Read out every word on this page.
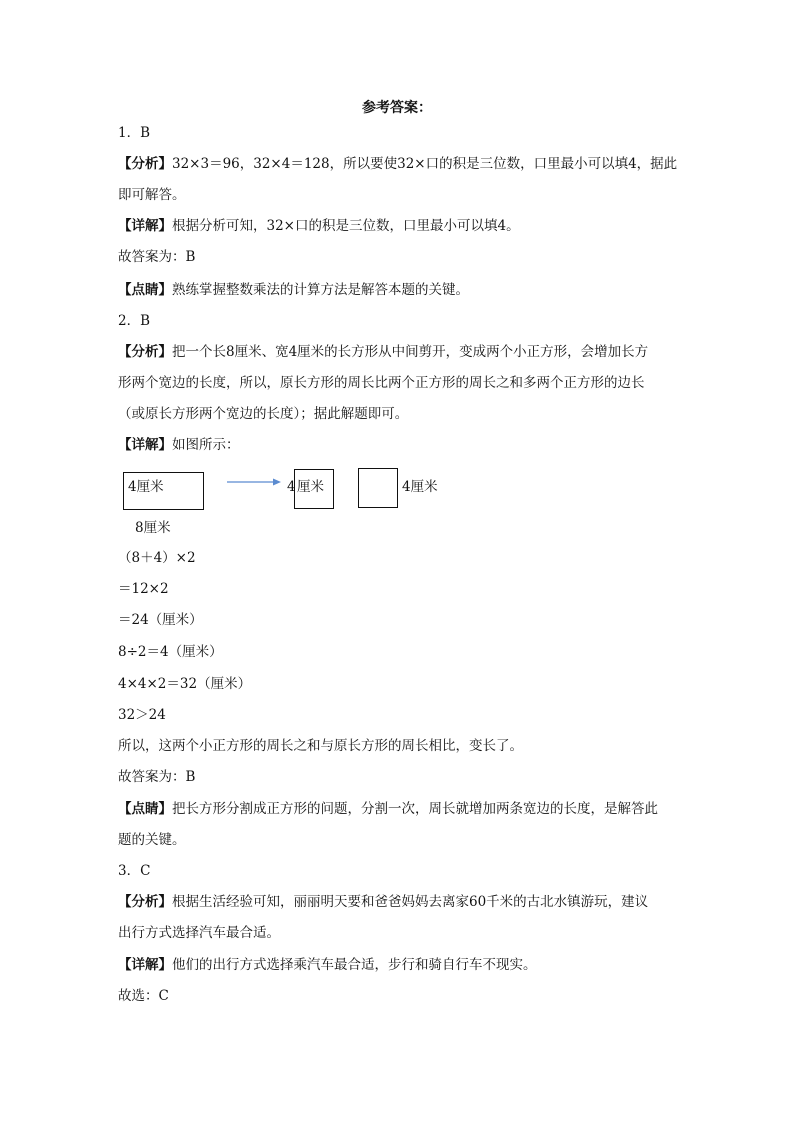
参考答案：
1．B
【分析】32×3＝96，32×4＝128，所以要使32×口的积是三位数，口里最小可以填4，据此
即可解答。
【详解】根据分析可知，32×口的积是三位数，口里最小可以填4。
故答案为：B
【点睛】熟练掌握整数乘法的计算方法是解答本题的关键。
2．B
【分析】把一个长8厘米、宽4厘米的长方形从中间剪开，变成两个小正方形，会增加长方
形两个宽边的长度，所以，原长方形的周长比两个正方形的周长之和多两个正方形的边长
（或原长方形两个宽边的长度）；据此解题即可。
【详解】如图所示：
4厘米
8厘米
4 厘米	4厘米
（8＋4）×2
＝12×2
＝24（厘米）
8÷2＝4（厘米）
4×4×2＝32（厘米）
32＞24
所以，这两个小正方形的周长之和与原长方形的周长相比，变长了。
故答案为：B
【点睛】把长方形分割成正方形的问题，分割一次，周长就增加两条宽边的长度，是解答此
题的关键。
3．C
【分析】根据生活经验可知，丽丽明天要和爸爸妈妈去离家60千米的古北水镇游玩，建议
出行方式选择汽车最合适。
【详解】他们的出行方式选择乘汽车最合适，步行和骑自行车不现实。
故选：C
